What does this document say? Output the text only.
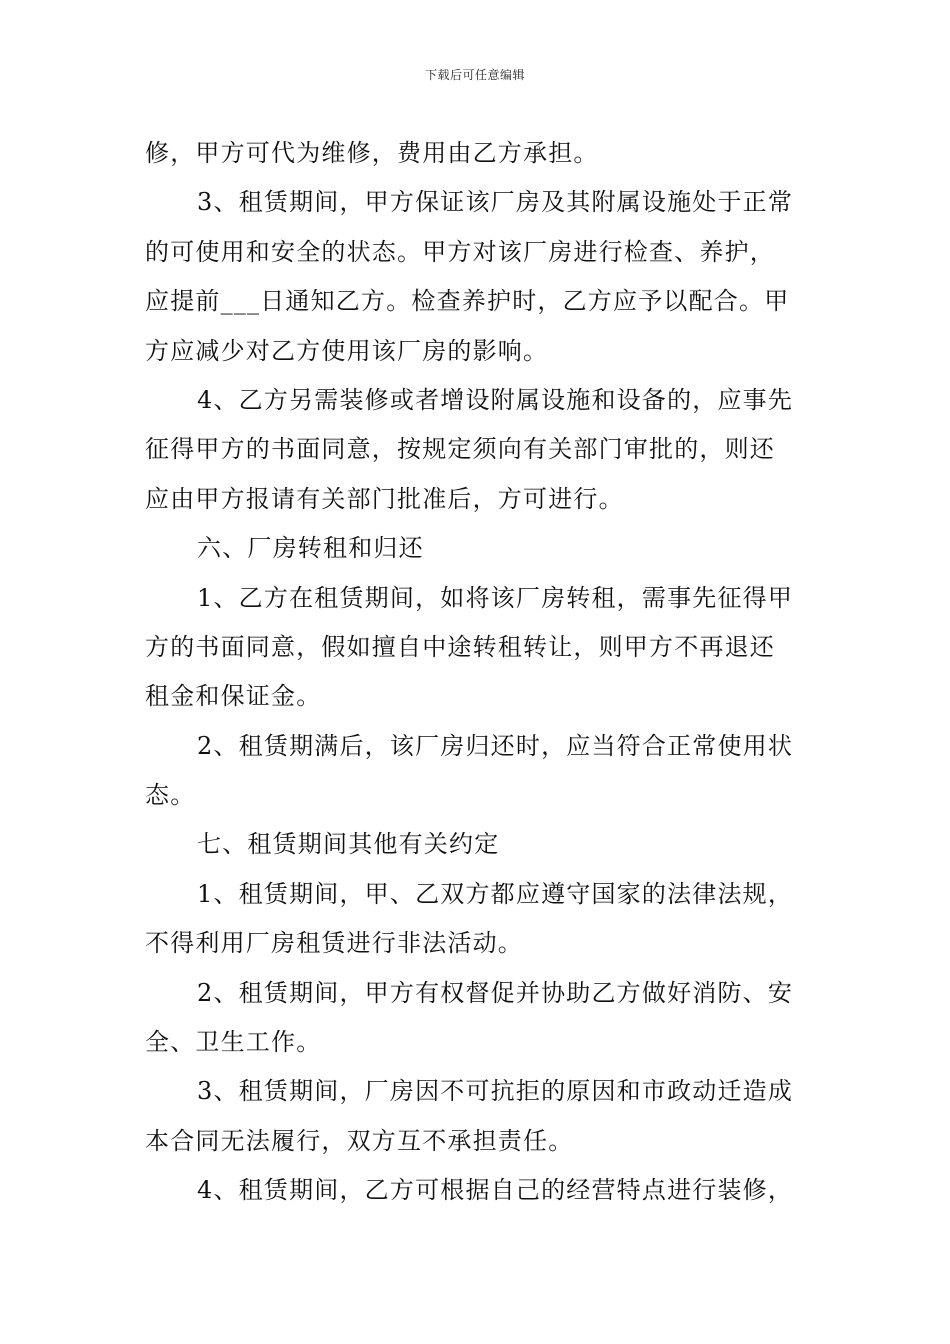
下载后可任意编辑
修，甲方可代为维修，费用由乙方承担。
3、租赁期间，甲方保证该厂房及其附属设施处于正常
的可使用和安全的状态。甲方对该厂房进行检查、养护，
应提前___日通知乙方。检查养护时，乙方应予以配合。甲
方应减少对乙方使用该厂房的影响。
4、乙方另需装修或者增设附属设施和设备的，应事先
征得甲方的书面同意，按规定须向有关部门审批的，则还
应由甲方报请有关部门批准后，方可进行。
六、厂房转租和归还
1、乙方在租赁期间，如将该厂房转租，需事先征得甲
方的书面同意，假如擅自中途转租转让，则甲方不再退还
租金和保证金。
2、租赁期满后，该厂房归还时，应当符合正常使用状
态。
七、租赁期间其他有关约定
1、租赁期间，甲、乙双方都应遵守国家的法律法规，
不得利用厂房租赁进行非法活动。
2、租赁期间，甲方有权督促并协助乙方做好消防、安
全、卫生工作。
3、租赁期间，厂房因不可抗拒的原因和市政动迁造成
本合同无法履行，双方互不承担责任。
4、租赁期间，乙方可根据自己的经营特点进行装修，
